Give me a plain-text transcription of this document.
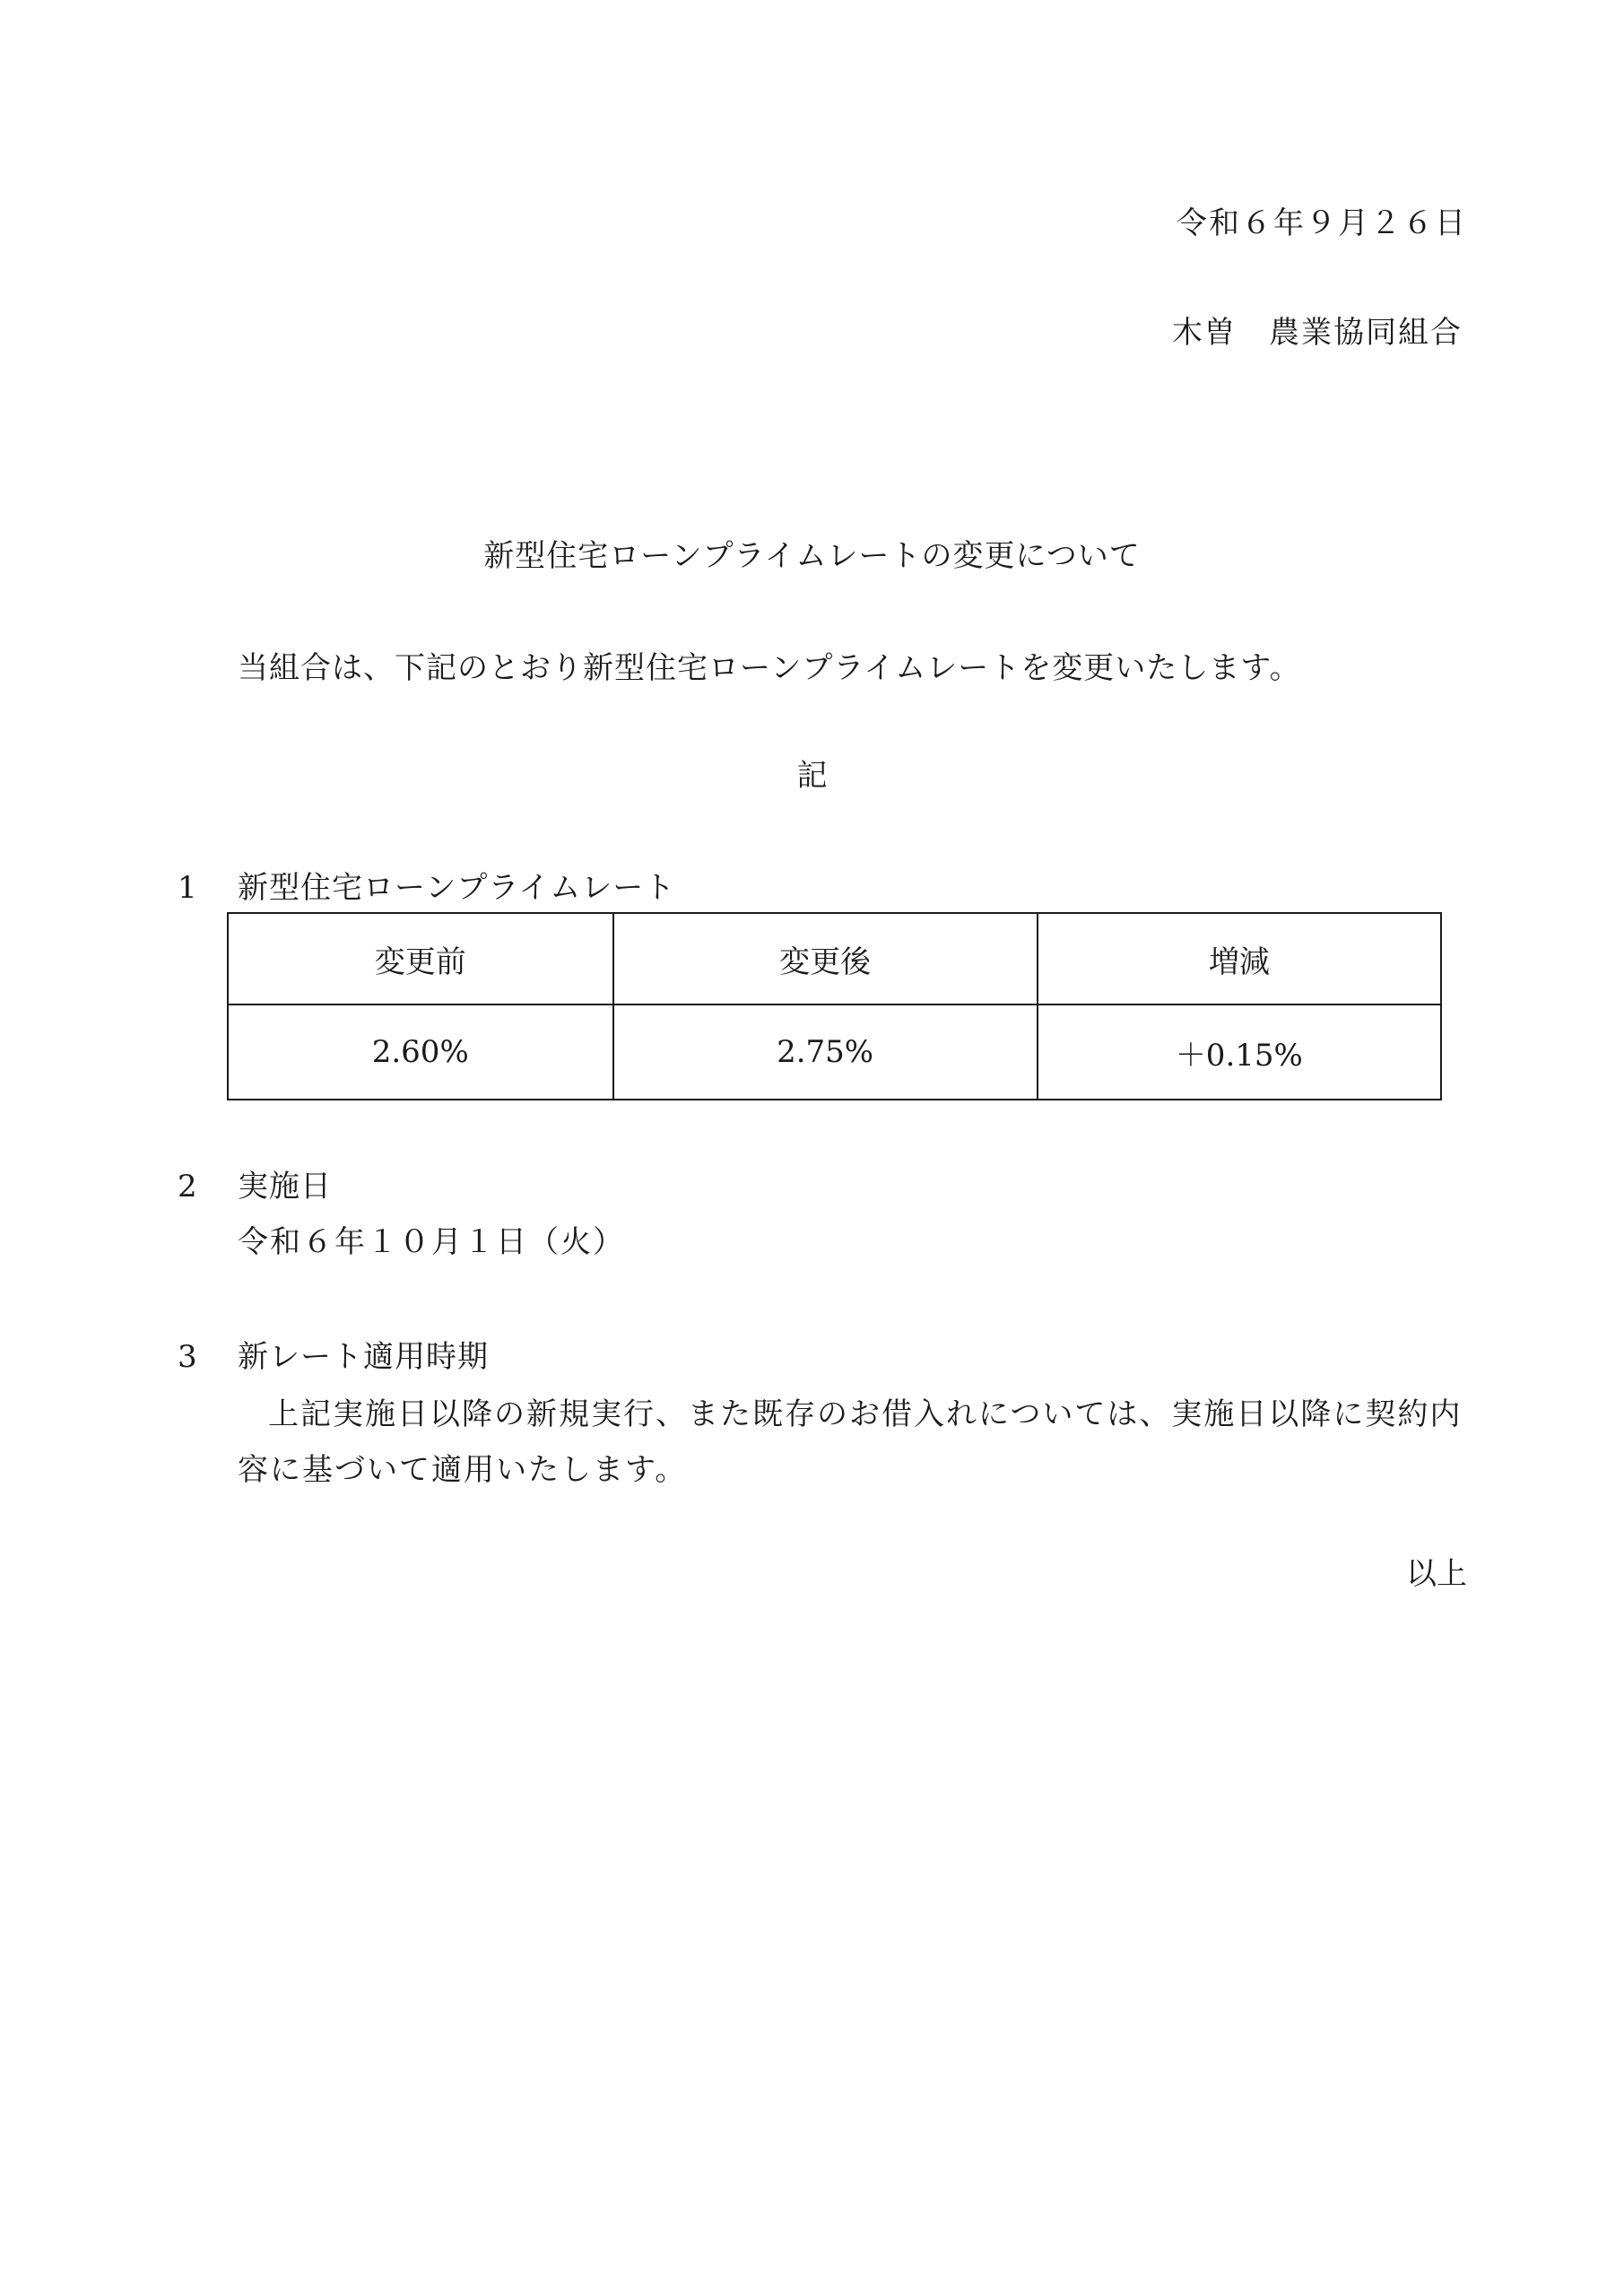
令和６年９月２６日
木曽　農業協同組合
新型住宅ローンプライムレートの変更について
当組合は、下記のとおり新型住宅ローンプライムレートを変更いたします。
記
1 新型住宅ローンプライムレート
変更前	変更後	増減
2.60%	2.75%	＋0.15%
2 実施日
令和６年１０月１日（火）
3 新レート適用時期
上記実施日以降の新規実行、また既存のお借入れについては、実施日以降に契約内容に基づいて適用いたします。
以上
